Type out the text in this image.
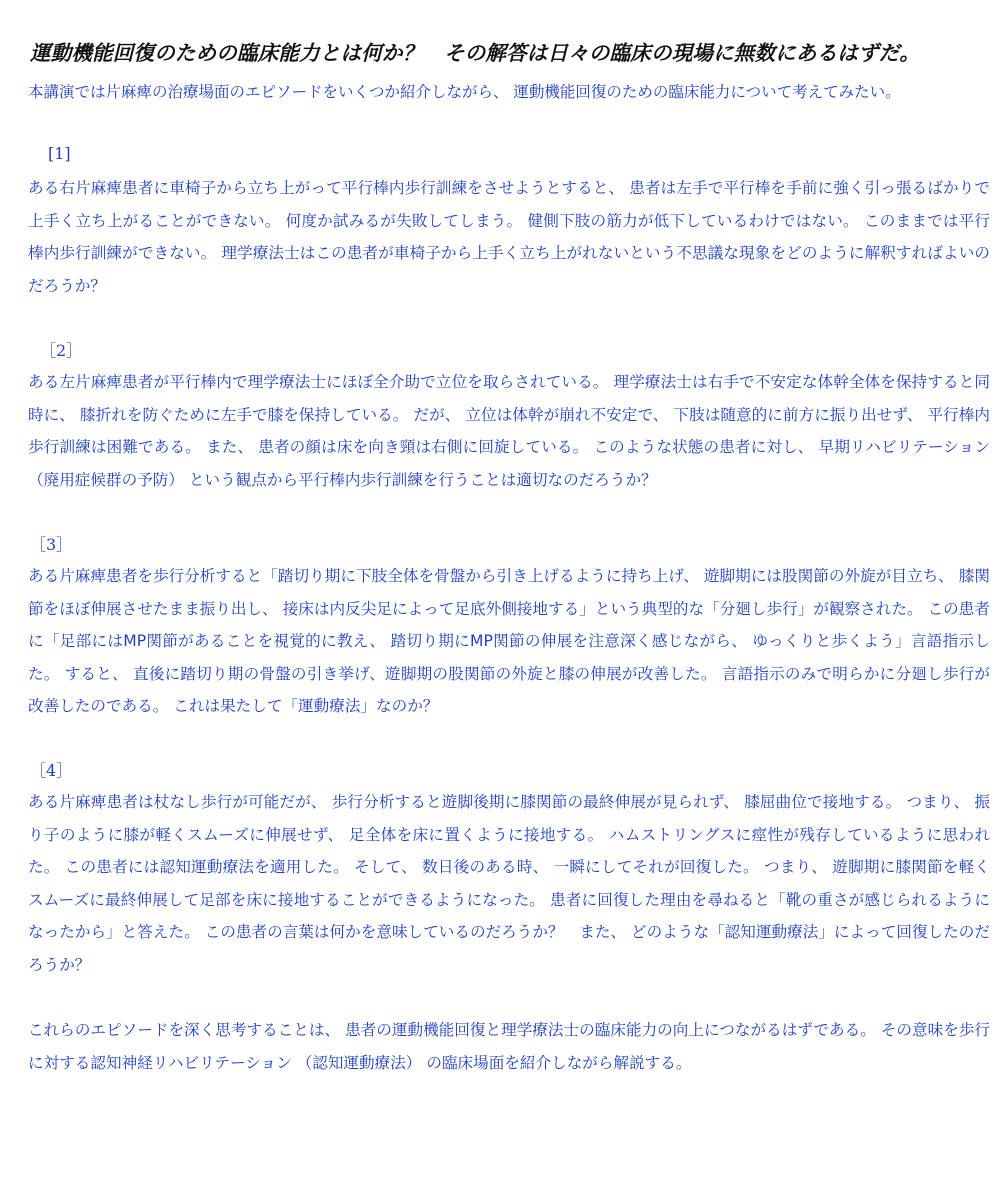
運動機能回復のための臨床能力とは何か？　その解答は日々の臨床の現場に無数にあるはずだ。

本講演では片麻痺の治療場面のエピソードをいくつか紹介しながら、 運動機能回復のための臨床能力について考えてみたい。

[1]

ある右片麻痺患者に車椅子から立ち上がって平行棒内歩行訓練をさせようとすると、 患者は左手で平行棒を手前に強く引っ張るばかりで上手く立ち上がることができない。 何度か試みるが失敗してしまう。 健側下肢の筋力が低下しているわけではない。 このままでは平行棒内歩行訓練ができない。 理学療法士はこの患者が車椅子から上手く立ち上がれないという不思議な現象をどのように解釈すればよいのだろうか？

［2］

ある左片麻痺患者が平行棒内で理学療法士にほぼ全介助で立位を取らされている。 理学療法士は右手で不安定な体幹全体を保持すると同時に、 膝折れを防ぐために左手で膝を保持している。 だが、 立位は体幹が崩れ不安定で、 下肢は随意的に前方に振り出せず、 平行棒内歩行訓練は困難である。 また、 患者の顔は床を向き頸は右側に回旋している。 このような状態の患者に対し、 早期リハビリテーション （廃用症候群の予防） という観点から平行棒内歩行訓練を行うことは適切なのだろうか？

［3］

ある片麻痺患者を歩行分析すると「踏切り期に下肢全体を骨盤から引き上げるように持ち上げ、 遊脚期には股関節の外旋が目立ち、 膝関節をほぼ伸展させたまま振り出し、 接床は内反尖足によって足底外側接地する」という典型的な「分廻し歩行」が観察された。 この患者に「足部にはMP関節があることを視覚的に教え、 踏切り期にMP関節の伸展を注意深く感じながら、 ゆっくりと歩くよう」言語指示した。 すると、 直後に踏切り期の骨盤の引き挙げ、遊脚期の股関節の外旋と膝の伸展が改善した。 言語指示のみで明らかに分廻し歩行が改善したのである。 これは果たして「運動療法」なのか？

［4］

ある片麻痺患者は杖なし歩行が可能だが、 歩行分析すると遊脚後期に膝関節の最終伸展が見られず、 膝屈曲位で接地する。 つまり、 振り子のように膝が軽くスムーズに伸展せず、 足全体を床に置くように接地する。 ハムストリングスに痙性が残存しているように思われた。 この患者には認知運動療法を適用した。 そして、 数日後のある時、 一瞬にしてそれが回復した。 つまり、 遊脚期に膝関節を軽くスムーズに最終伸展して足部を床に接地することができるようになった。 患者に回復した理由を尋ねると「靴の重さが感じられるようになったから」と答えた。 この患者の言葉は何かを意味しているのだろうか？　また、 どのような「認知運動療法」によって回復したのだろうか？

これらのエピソードを深く思考することは、 患者の運動機能回復と理学療法士の臨床能力の向上につながるはずである。 その意味を歩行に対する認知神経リハビリテーション （認知運動療法） の臨床場面を紹介しながら解説する。
